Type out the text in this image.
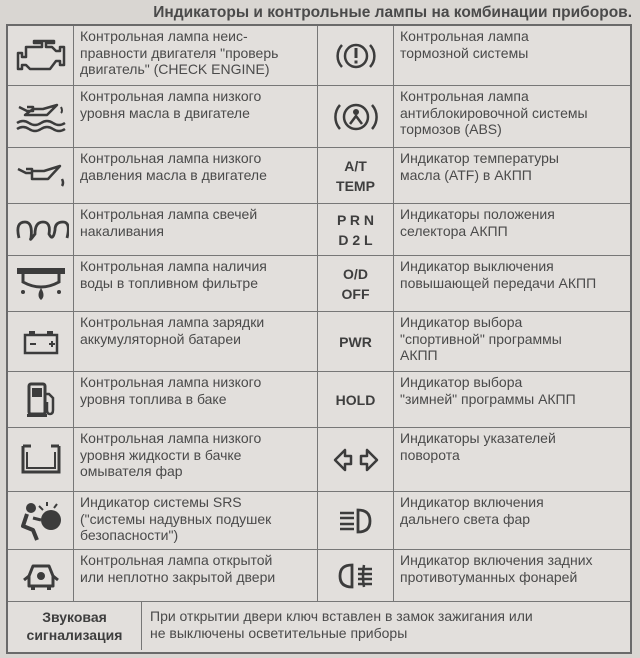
Индикаторы и контрольные лампы на комбинации приборов.
Контрольная лампа неис-
правности двигателя "проверь
двигатель" (CHECK ENGINE)
Контрольная лампа
тормозной системы
Контрольная лампа низкого
уровня масла в двигателе
Контрольная лампа
антиблокировочной системы
тормозов (ABS)
Контрольная лампа низкого
давления масла в двигателе
A/T
TEMP
Индикатор температуры
масла (ATF) в АКПП
Контрольная лампа свечей
накаливания
P R N
D 2 L
Индикаторы положения
селектора АКПП
Контрольная лампа наличия
воды в топливном фильтре
O/D
OFF
Индикатор выключения
повышающей передачи АКПП
Контрольная лампа зарядки
аккумуляторной батареи	PWR
Индикатор выбора
"спортивной" программы
АКПП
Контрольная лампа низкого
уровня топлива в баке	HOLD
Индикатор выбора
"зимней" программы АКПП
Контрольная лампа низкого
уровня жидкости в бачке
омывателя фар
Индикаторы указателей
поворота
Индикатор системы SRS
("системы надувных подушек
безопасности")
Индикатор включения
дальнего света фар
Контрольная лампа открытой
или неплотно закрытой двери
Индикатор включения задних
противотуманных фонарей
Звуковая
сигнализация
При открытии двери ключ вставлен в замок зажигания или
не выключены осветительные приборы
